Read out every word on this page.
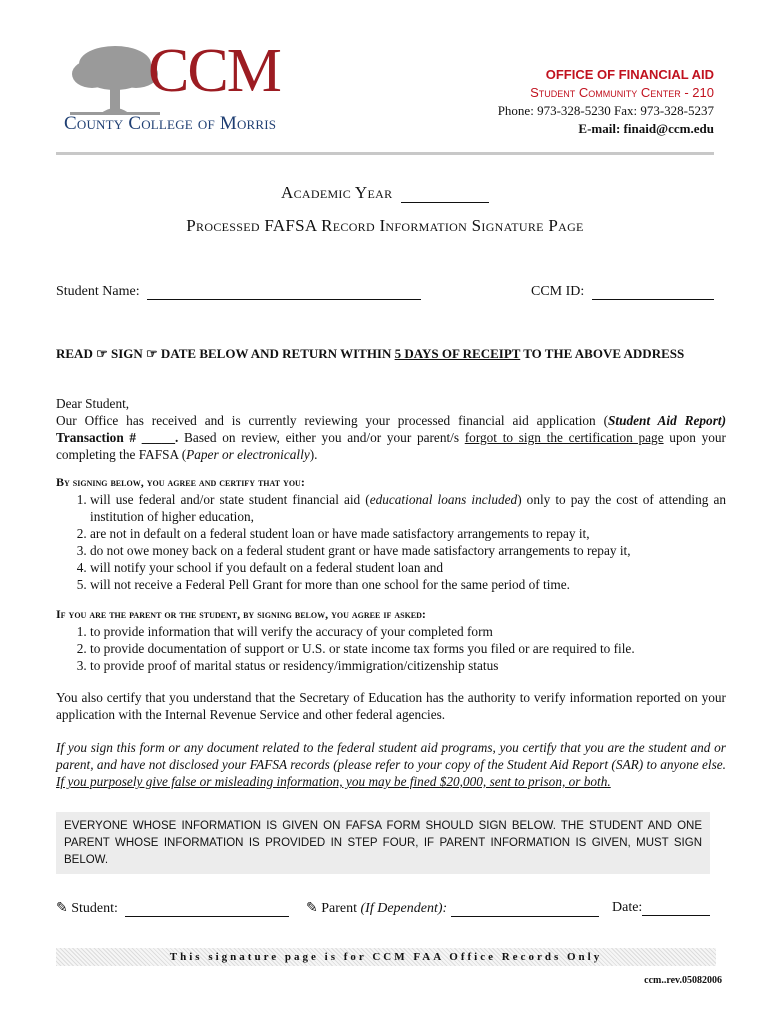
CCM
County College of Morris
OFFICE OF FINANCIAL AID
Student Community Center - 210
Phone: 973-328-5230 Fax: 973-328-5237
E-mail: finaid@ccm.edu
Academic Year
Processed FAFSA Record Information Signature Page
Student Name:	CCM ID:
READ ☞ SIGN ☞ DATE BELOW AND RETURN WITHIN 5 DAYS OF RECEIPT TO THE ABOVE ADDRESS
Dear Student,
Our Office has received and is currently reviewing your processed financial aid application (Student Aid Report) Transaction # _____. Based on review, either you and/or your parent/s forgot to sign the certification page upon your completing the FAFSA (Paper or electronically).
By signing below, you agree and certify that you:
1. will use federal and/or state student financial aid (educational loans included) only to pay the cost of attending an institution of higher education,
2. are not in default on a federal student loan or have made satisfactory arrangements to repay it,
3. do not owe money back on a federal student grant or have made satisfactory arrangements to repay it,
4. will notify your school if you default on a federal student loan and
5. will not receive a Federal Pell Grant for more than one school for the same period of time.
If you are the parent or the student, by signing below, you agree if asked:
1. to provide information that will verify the accuracy of your completed form
2. to provide documentation of support or U.S. or state income tax forms you filed or are required to file.
3. to provide proof of marital status or residency/immigration/citizenship status
You also certify that you understand that the Secretary of Education has the authority to verify information reported on your application with the Internal Revenue Service and other federal agencies.
If you sign this form or any document related to the federal student aid programs, you certify that you are the student and or parent, and have not disclosed your FAFSA records (please refer to your copy of the Student Aid Report (SAR) to anyone else. If you purposely give false or misleading information, you may be fined $20,000, sent to prison, or both.
EVERYONE WHOSE INFORMATION IS GIVEN ON FAFSA FORM SHOULD SIGN BELOW. THE STUDENT AND ONE PARENT WHOSE INFORMATION IS PROVIDED IN STEP FOUR, IF PARENT INFORMATION IS GIVEN, MUST SIGN BELOW.
✎ Student:	✎ Parent (If Dependent):	Date:
This signature page is for CCM FAA Office Records Only
ccm..rev.05082006
